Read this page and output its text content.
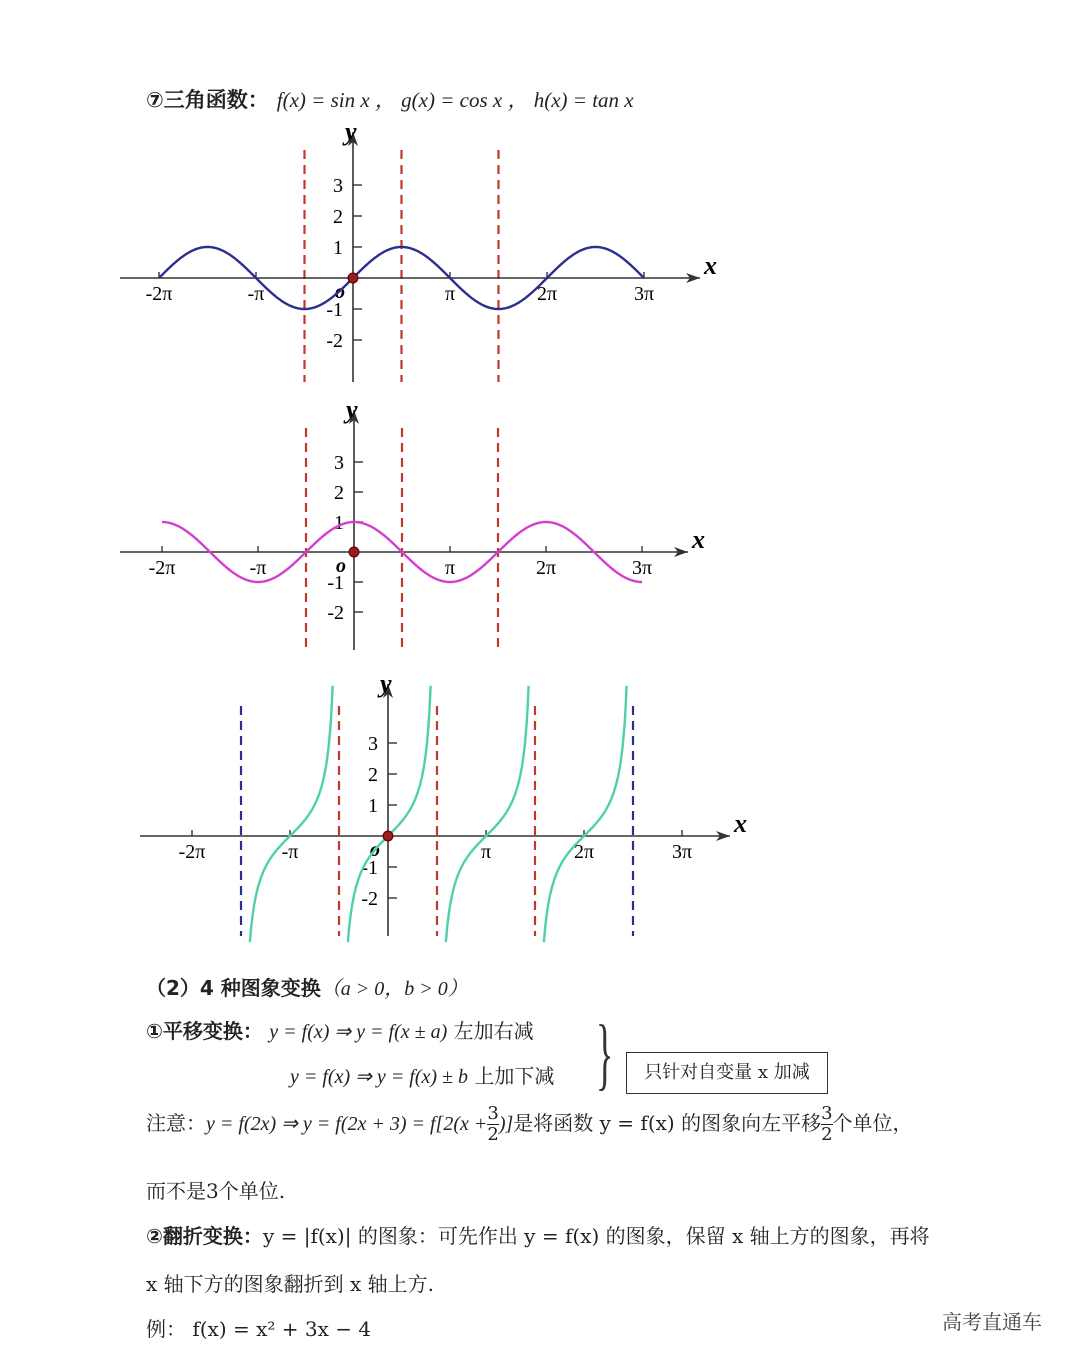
⑦三角函数： f(x) = sin x ， g(x) = cos x ， h(x) = tan x
x
y
o
-2π	-π	π	2π	3π
3
2
1
-1
-2
x
y
o
-2π	-π	π	2π	3π
3
2
1
-1
-2
x
y
o
-2π	-π	π	2π	3π
3
2
1
-1
-2
（2）4 种图象变换（a > 0，b > 0）
①平移变换： y = f(x) ⇒ y = f(x ± a) 左加右减
y = f(x) ⇒ y = f(x) ± b 上加下减 }	只针对自变量 x 加减
注意：y = f(2x) ⇒ $y = f(2x + 3) = f[2(x + \frac{3}{2}$ )]是将函数 y = f(x) 的图象向左平移 $\frac{3}{2}$ 个单位，
而不是3个单位.
②翻折变换：y = |f(x)| 的图象：可先作出 y = f(x) 的图象，保留 x 轴上方的图象，再将
x 轴下方的图象翻折到 x 轴上方.
例： f(x) = x² + 3x − 4	高考直通车
